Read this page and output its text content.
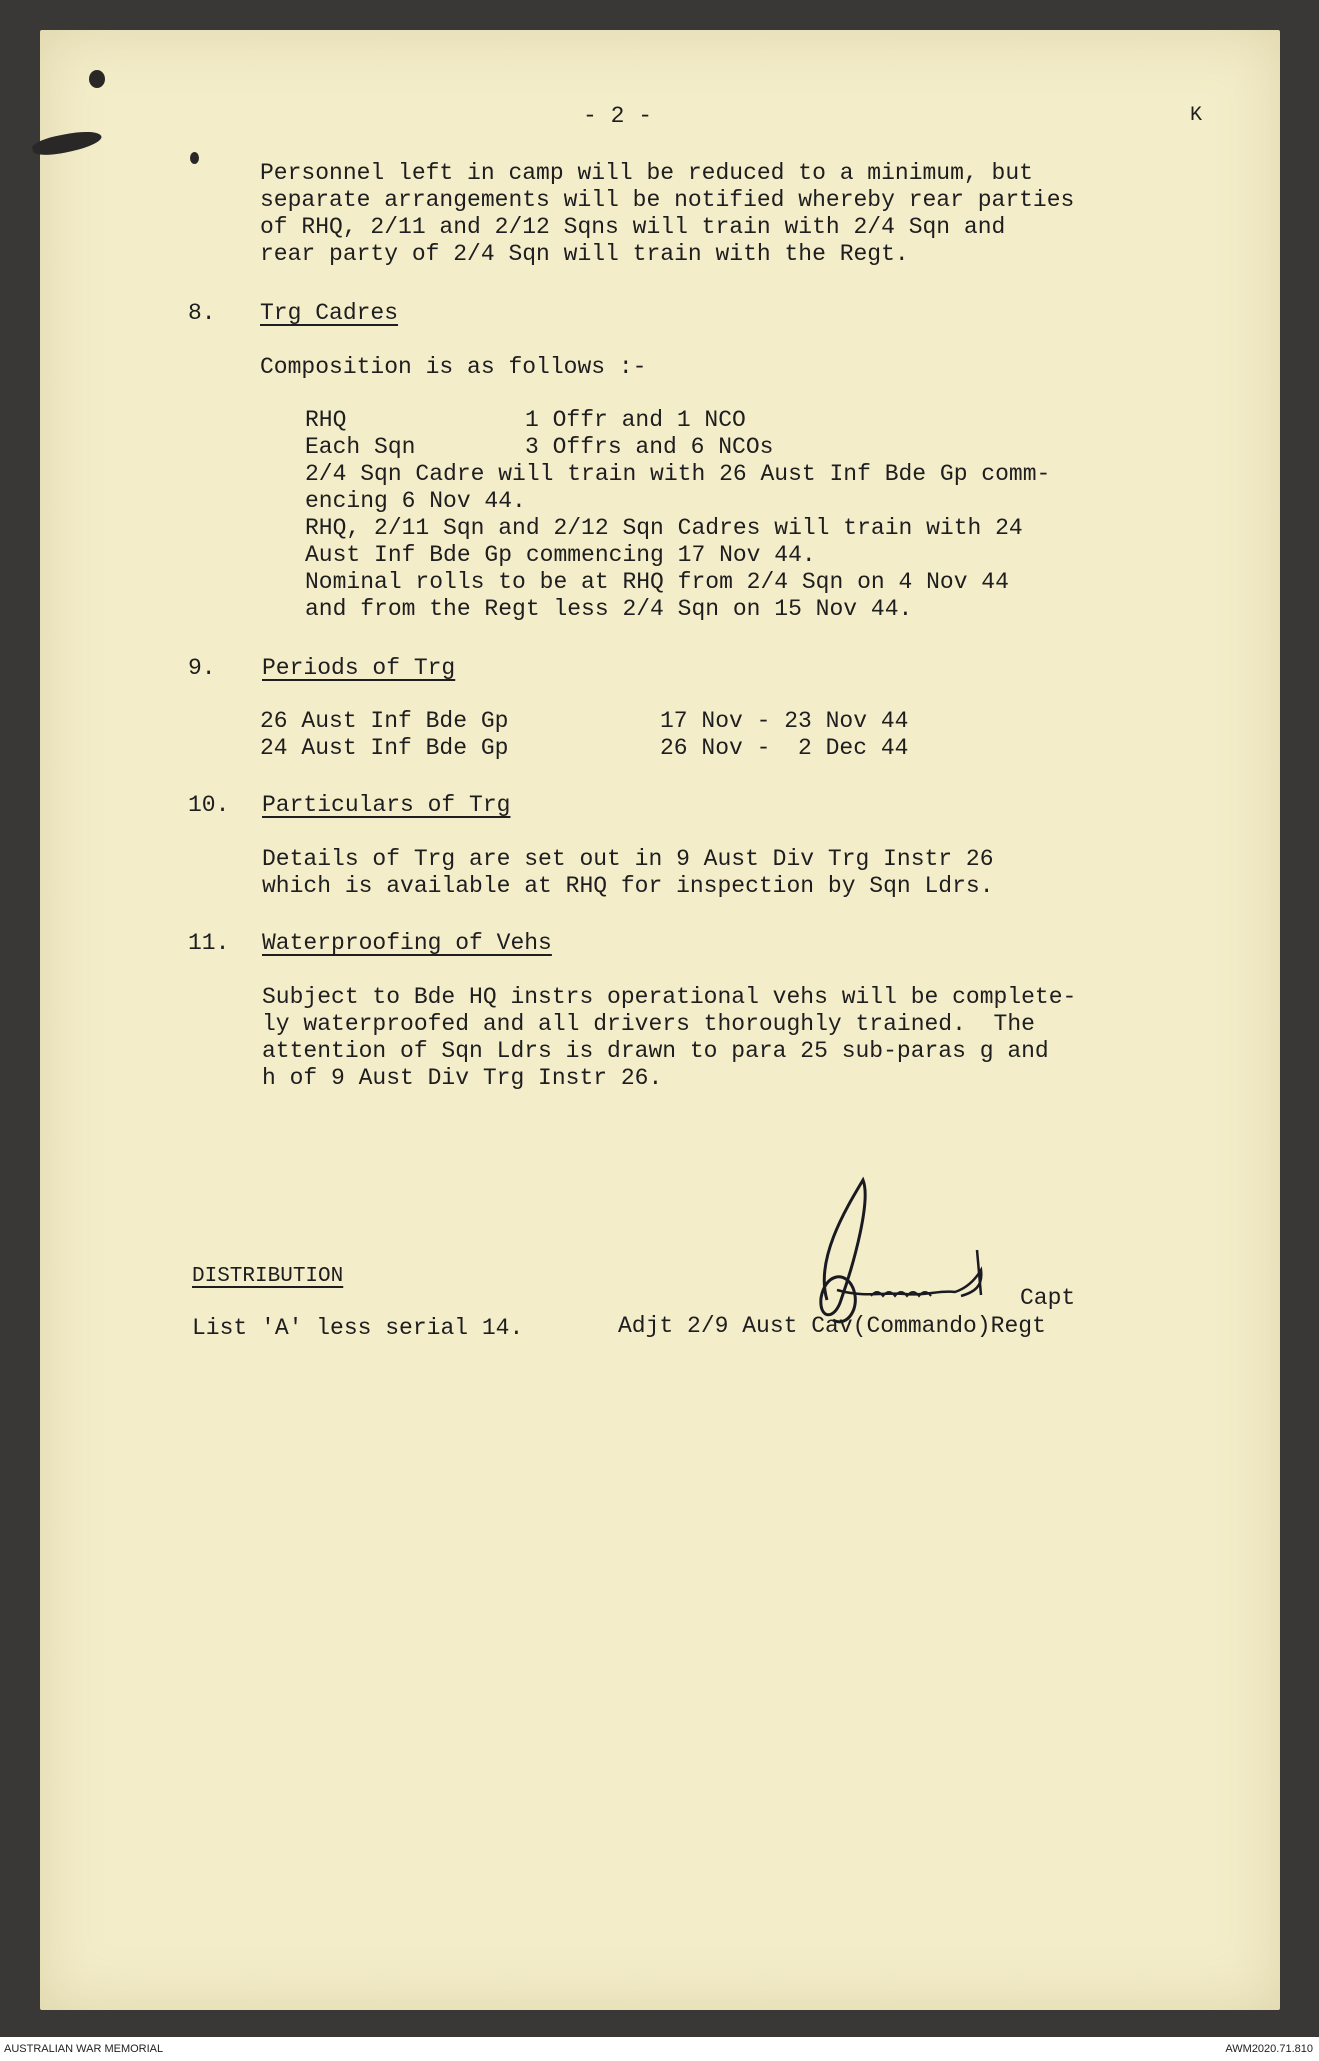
- 2 -	K
Personnel left in camp will be reduced to a minimum, but
separate arrangements will be notified whereby rear parties
of RHQ, 2/11 and 2/12 Sqns will train with 2/4 Sqn and
rear party of 2/4 Sqn will train with the Regt.
8. Trg Cadres
Composition is as follows :-
RHQ	1 Offr and 1 NCO
Each Sqn	3 Offrs and 6 NCOs
2/4 Sqn Cadre will train with 26 Aust Inf Bde Gp comm-
encing 6 Nov 44.
RHQ, 2/11 Sqn and 2/12 Sqn Cadres will train with 24
Aust Inf Bde Gp commencing 17 Nov 44.
Nominal rolls to be at RHQ from 2/4 Sqn on 4 Nov 44
and from the Regt less 2/4 Sqn on 15 Nov 44.
9. Periods of Trg
26 Aust Inf Bde Gp	17 Nov - 23 Nov 44
24 Aust Inf Bde Gp	26 Nov -  2 Dec 44
10. Particulars of Trg
Details of Trg are set out in 9 Aust Div Trg Instr 26
which is available at RHQ for inspection by Sqn Ldrs.
11. Waterproofing of Vehs
Subject to Bde HQ instrs operational vehs will be complete-
ly waterproofed and all drivers thoroughly trained.  The
attention of Sqn Ldrs is drawn to para 25 sub-paras g and
h of 9 Aust Div Trg Instr 26.
DISTRIBUTION
List 'A' less serial 14.
Capt
Adjt 2/9 Aust Cav(Commando)Regt
AUSTRALIAN WAR MEMORIAL	AWM2020.71.810
